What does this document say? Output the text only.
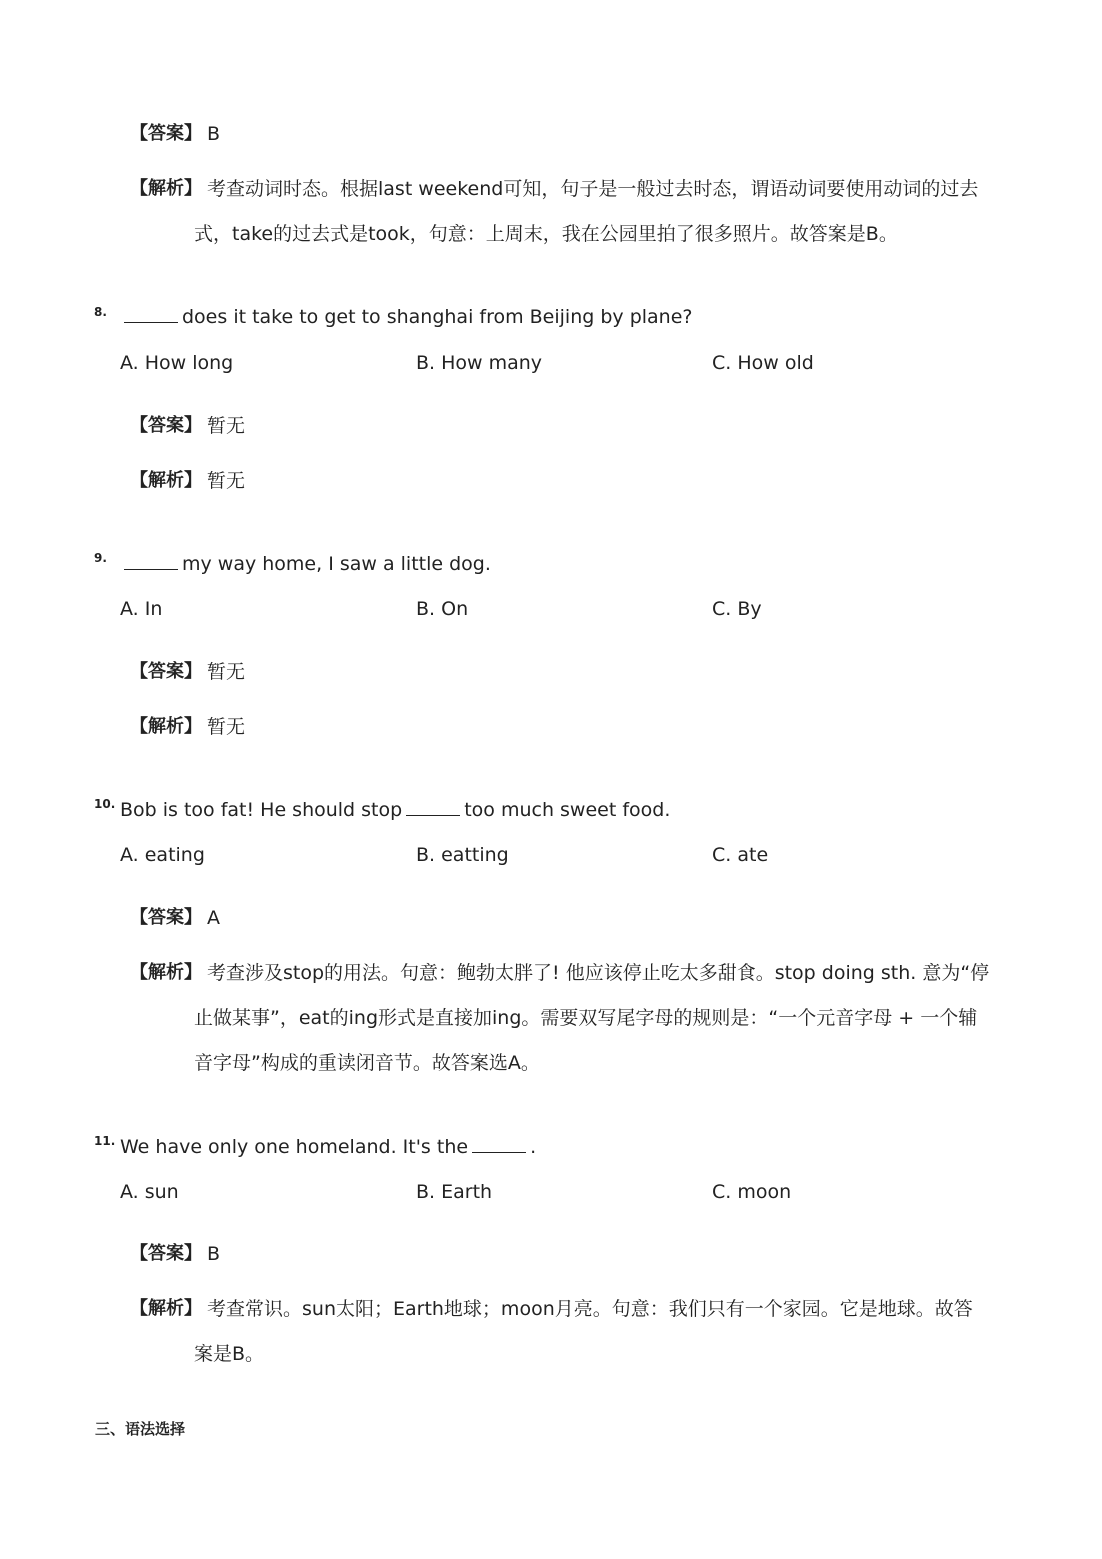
【答案】 B
【解析】 考查动词时态。根据last weekend可知，句子是一般过去时态，谓语动词要使用动词的过去
式，take的过去式是took，句意：上周末，我在公园里拍了很多照片。故答案是B。
8.	does it take to get to shanghai from Beijing by plane?
A. How long	B. How many	C. How old
【答案】 暂无
【解析】 暂无
9.	my way home, I saw a little dog.
A. In	B. On	C. By
【答案】 暂无
【解析】 暂无
10. Bob is too fat! He should stop	too much sweet food.
A. eating	B. eatting	C. ate
【答案】 A
【解析】 考查涉及stop的用法。句意：鲍勃太胖了! 他应该停止吃太多甜食。stop doing sth. 意为“停
止做某事”，eat的ing形式是直接加ing。需要双写尾字母的规则是：“一个元音字母 + 一个辅
音字母”构成的重读闭音节。故答案选A。
11. We have only one homeland. It's the	.
A. sun	B. Earth	C. moon
【答案】 B
【解析】 考查常识。sun太阳；Earth地球；moon月亮。句意：我们只有一个家园。它是地球。故答
案是B。
三、语法选择
